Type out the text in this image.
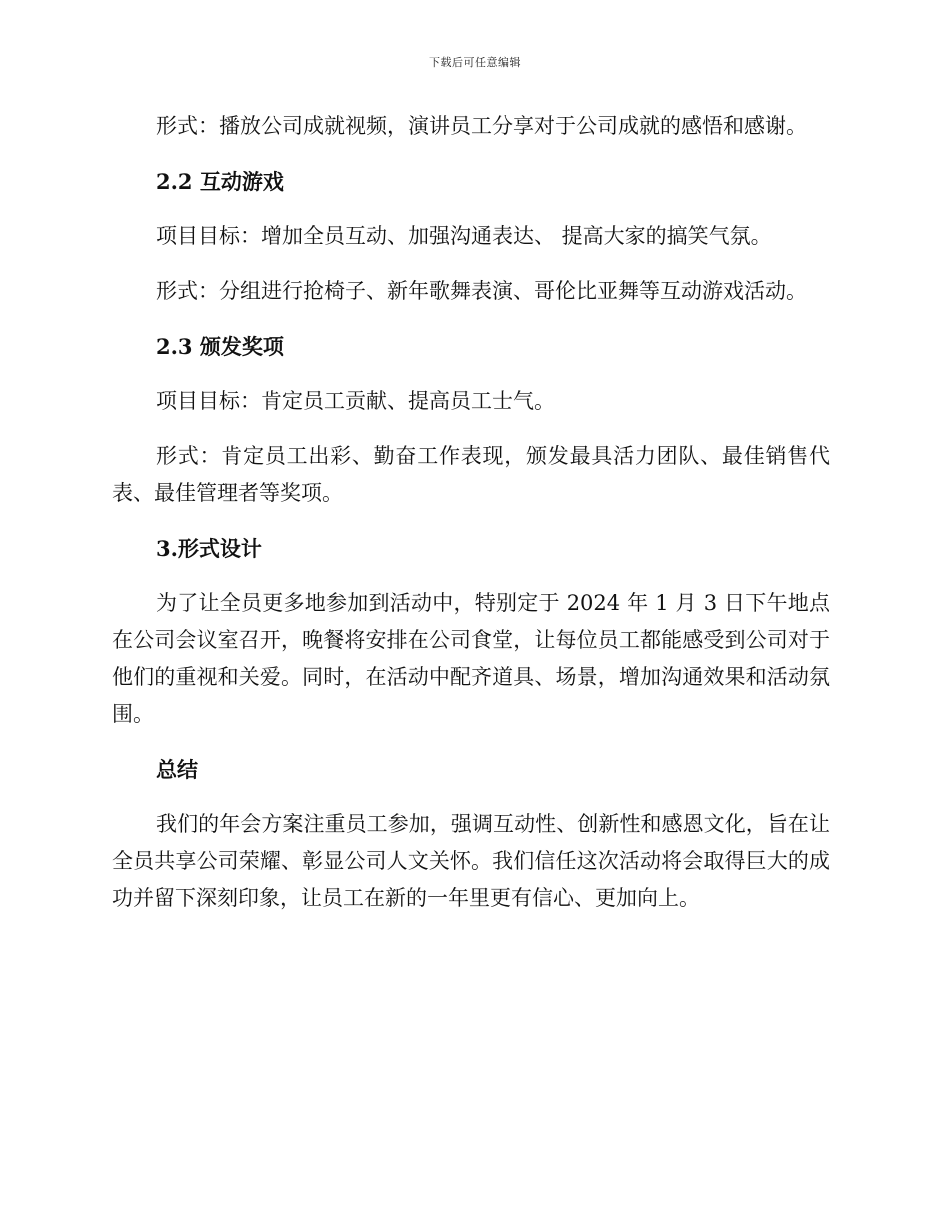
下载后可任意编辑

形式：播放公司成就视频，演讲员工分享对于公司成就的感悟和感谢。

2.2 互动游戏

项目目标：增加全员互动、加强沟通表达、 提高大家的搞笑气氛。

形式：分组进行抢椅子、新年歌舞表演、哥伦比亚舞等互动游戏活动。

2.3 颁发奖项

项目目标：肯定员工贡献、提高员工士气。

形式：肯定员工出彩、勤奋工作表现，颁发最具活力团队、最佳销售代表、最佳管理者等奖项。

3.形式设计

为了让全员更多地参加到活动中，特别定于 2024 年 1 月 3 日下午地点在公司会议室召开，晚餐将安排在公司食堂，让每位员工都能感受到公司对于他们的重视和关爱。同时，在活动中配齐道具、场景，增加沟通效果和活动氛围。

总结

我们的年会方案注重员工参加，强调互动性、创新性和感恩文化，旨在让全员共享公司荣耀、彰显公司人文关怀。我们信任这次活动将会取得巨大的成功并留下深刻印象，让员工在新的一年里更有信心、更加向上。
